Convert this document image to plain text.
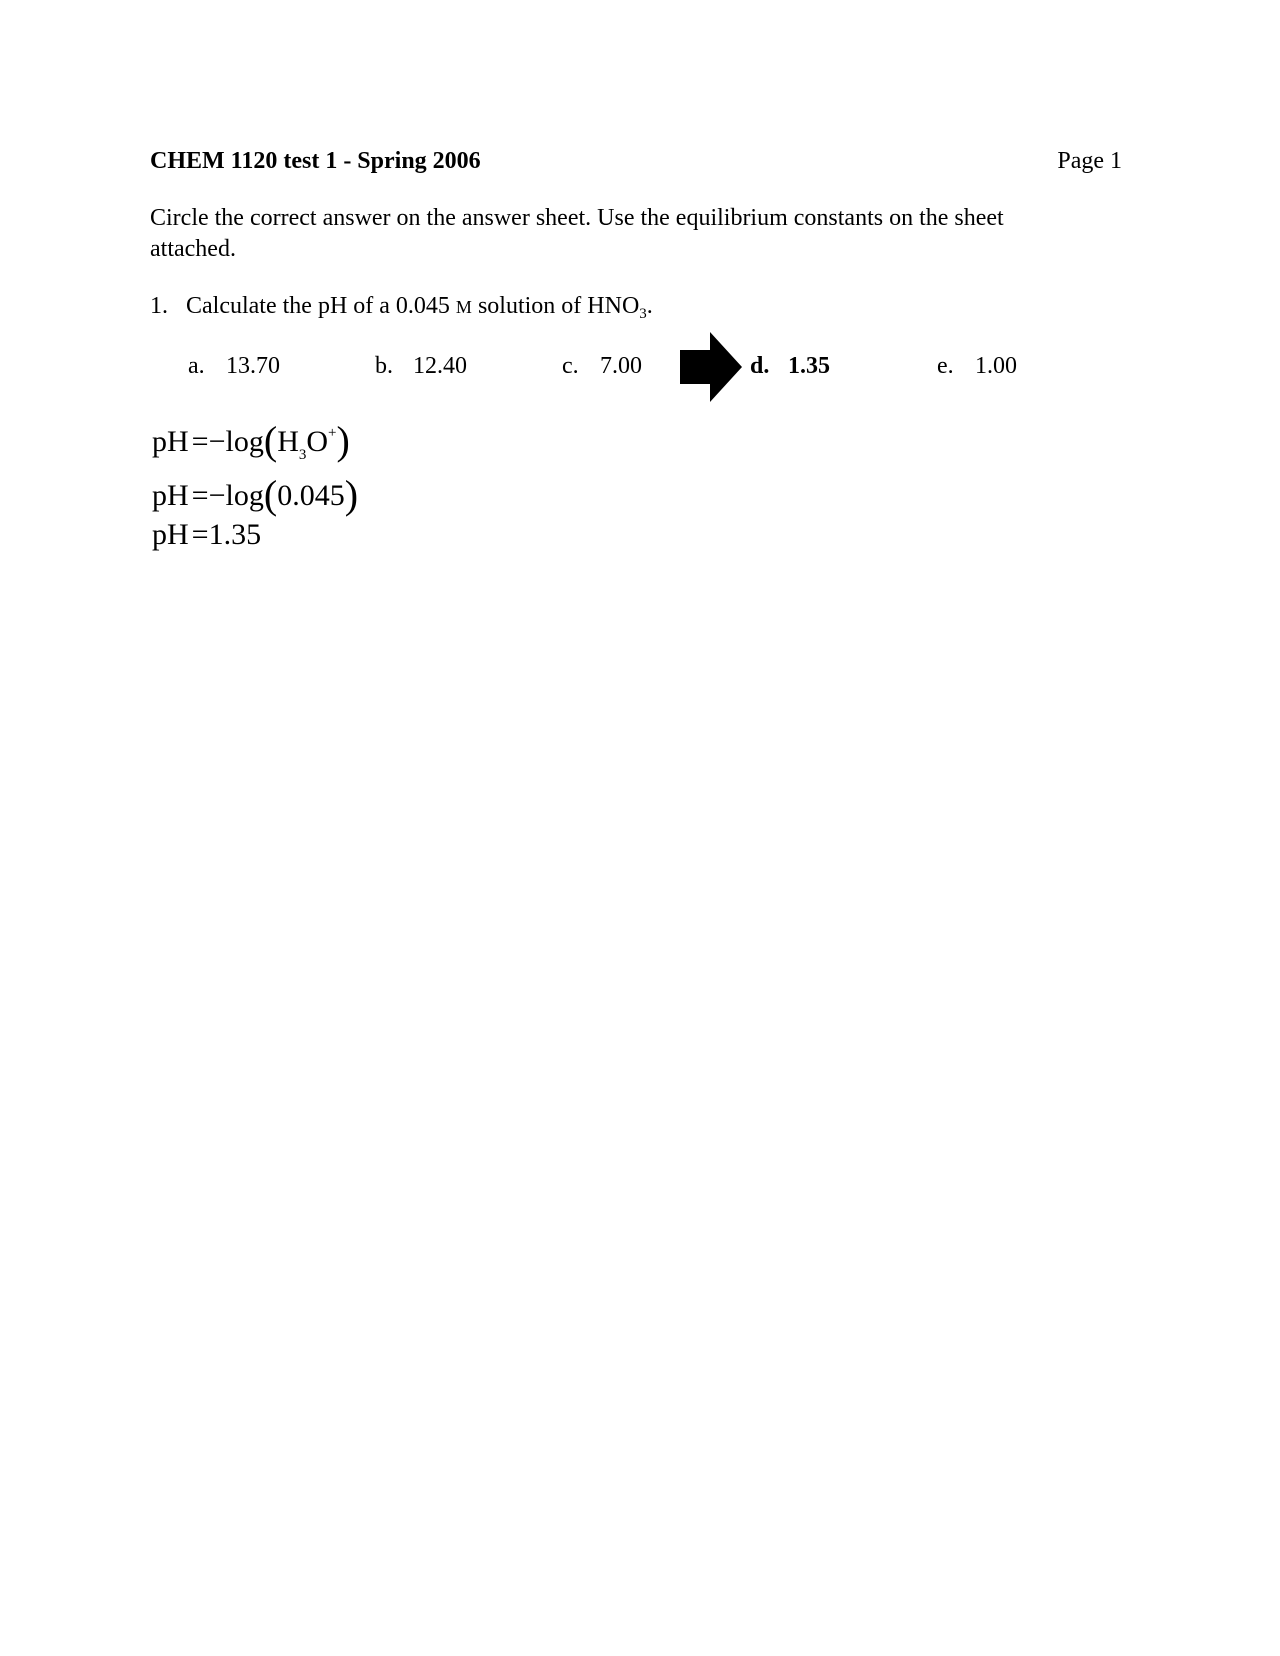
CHEM 1120 test 1 - Spring 2006	Page 1
Circle the correct answer on the answer sheet. Use the equilibrium constants on the sheet attached.
1. Calculate the pH of a 0.045 M solution of $HNO_3$.
a. 13.70	b. 12.40	c. 7.00	d. 1.35	e. 1.00
pH $=-\log(H_3O^+)$
pH =−log(0.045)
pH =1.35
